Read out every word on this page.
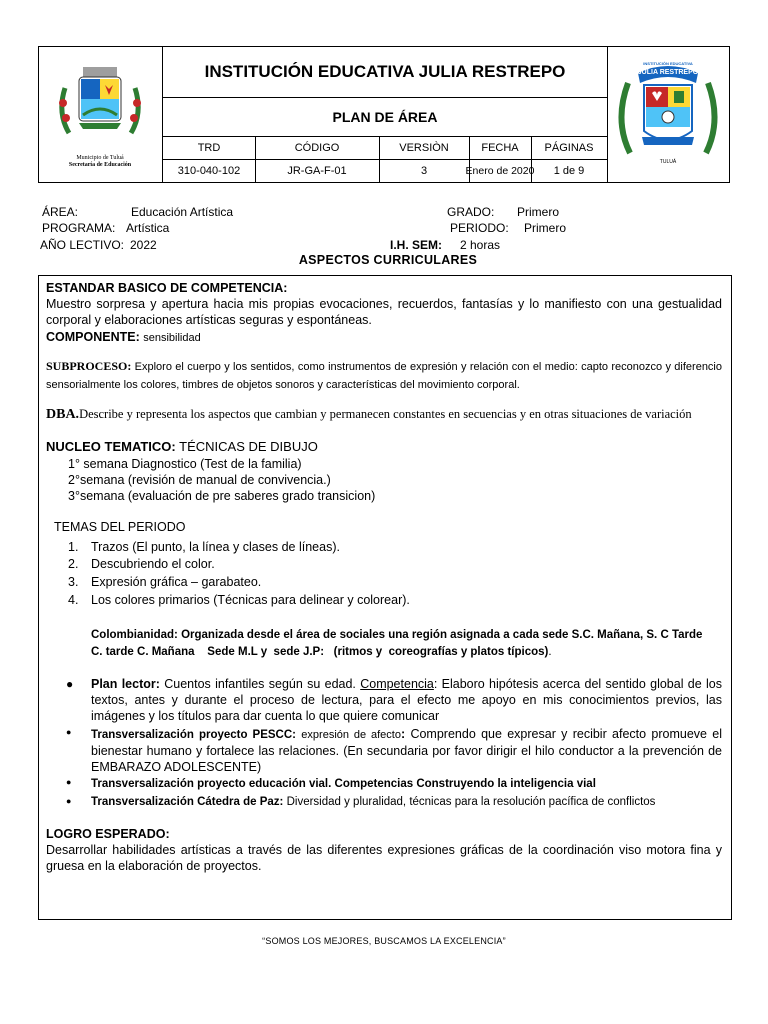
Municipio de Tuluá
Secretaría de Educación
INSTITUCIÓN EDUCATIVA JULIA RESTREPO
PLAN DE ÁREA
TRD	CÓDIGO	VERSIÒN	FECHA	PÁGINAS
310-040-102	JR-GA-F-01	3	Enero de 2020	1 de 9
INSTITUCIÓN EDUCATIVA
JULIA RESTREPO
VIRTUD TRABAJO CIENCIA
TULUÁ
ÁREA:	Educación Artística
PROGRAMA: Artística
AÑO LECTIVO: 2022
GRADO: Primero
PERIODO: Primero
I.H. SEM: 2 horas
ASPECTOS CURRICULARES
ESTANDAR BASICO DE COMPETENCIA:
Muestro sorpresa y apertura hacia mis propias evocaciones, recuerdos, fantasías y lo manifiesto con una gestualidad corporal y elaboraciones artísticas seguras y espontáneas.
COMPONENTE: sensibilidad
SUBPROCESO: Exploro el cuerpo y los sentidos, como instrumentos de expresión y relación con el medio: capto reconozco y diferencio sensorialmente los colores, timbres de objetos sonoros y características del movimiento corporal.
DBA.Describe y representa los aspectos que cambian y permanecen constantes en secuencias y en otras situaciones de variación
NUCLEO TEMATICO: TÉCNICAS DE DIBUJO
1° semana Diagnostico (Test de la familia)
2°semana (revisión de manual de convivencia.)
3°semana (evaluación de pre saberes grado transicion)
TEMAS DEL PERIODO
1.	Trazos (El punto, la línea y clases de líneas).
2.	Descubriendo el color.
3.	Expresión gráfica – garabateo.
4.	Los colores primarios (Técnicas para delinear y colorear).
Colombianidad: Organizada desde el área de sociales una región asignada a cada sede S.C. Mañana, S. C Tarde C. tarde C. Mañana    Sede M.L y  sede J.P:   (ritmos y  coreografías y platos típicos).
● Plan lector: Cuentos infantiles según su edad. Competencia: Elaboro hipótesis acerca del sentido global de los textos, antes y durante el proceso de lectura, para el efecto me apoyo en mis conocimientos previos, las imágenes y los títulos para dar cuenta lo que quiere comunicar
● Transversalización proyecto PESCC: expresión de afecto: Comprendo que expresar y recibir afecto promueve el bienestar humano y fortalece las relaciones. (En secundaria por favor dirigir el hilo conductor a la prevención de EMBARAZO ADOLESCENTE)
● Transversalización proyecto educación vial. Competencias Construyendo la inteligencia vial
● Transversalización Cátedra de Paz: Diversidad y pluralidad, técnicas para la resolución pacífica de conflictos
LOGRO ESPERADO:
Desarrollar habilidades artísticas a través de las diferentes expresiones gráficas de la coordinación viso motora fina y gruesa en la elaboración de proyectos.
“SOMOS LOS MEJORES, BUSCAMOS LA EXCELENCIA”
